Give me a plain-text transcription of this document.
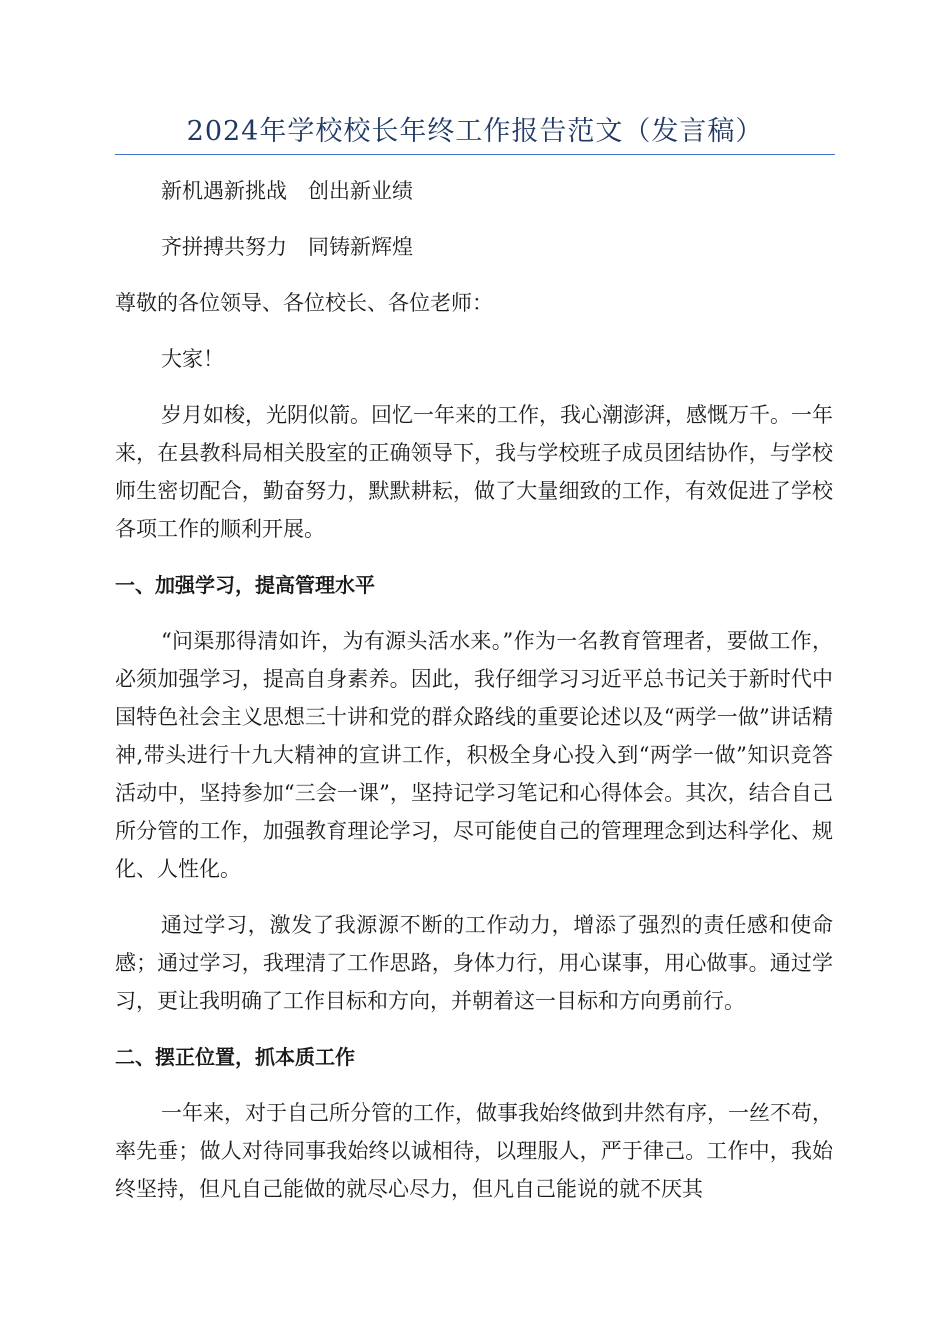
2024年学校校长年终工作报告范文（发言稿）

新机遇新挑战　创出新业绩

齐拼搏共努力　同铸新辉煌

尊敬的各位领导、各位校长、各位老师：

大家！

岁月如梭，光阴似箭。回忆一年来的工作，我心潮澎湃，感慨万千。一年来，在县教科局相关股室的正确领导下，我与学校班子成员团结协作，与学校师生密切配合，勤奋努力，默默耕耘，做了大量细致的工作，有效促进了学校各项工作的顺利开展。

一、加强学习，提高管理水平

“问渠那得清如许，为有源头活水来。”作为一名教育管理者，要做工作，必须加强学习，提高自身素养。因此，我仔细学习习近平总书记关于新时代中国特色社会主义思想三十讲和党的群众路线的重要论述以及“两学一做”讲话精神,带头进行十九大精神的宣讲工作，积极全身心投入到“两学一做”知识竞答活动中，坚持参加“三会一课”，坚持记学习笔记和心得体会。其次，结合自己所分管的工作，加强教育理论学习，尽可能使自己的管理理念到达科学化、规化、人性化。

通过学习，激发了我源源不断的工作动力，增添了强烈的责任感和使命感；通过学习，我理清了工作思路，身体力行，用心谋事，用心做事。通过学习，更让我明确了工作目标和方向，并朝着这一目标和方向勇前行。

二、摆正位置，抓本质工作

一年来，对于自己所分管的工作，做事我始终做到井然有序，一丝不苟，率先垂；做人对待同事我始终以诚相待，以理服人，严于律己。工作中，我始终坚持，但凡自己能做的就尽心尽力，但凡自己能说的就不厌其
